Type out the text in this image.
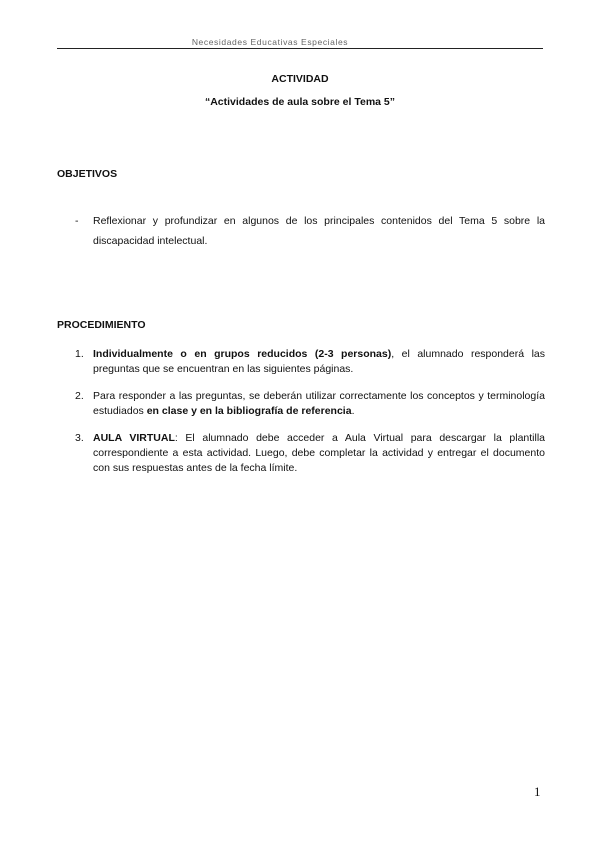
Necesidades Educativas Especiales
ACTIVIDAD
“Actividades de aula sobre el Tema 5”
OBJETIVOS
-	Reflexionar y profundizar en algunos de los principales contenidos del Tema 5 sobre la discapacidad intelectual.
PROCEDIMIENTO
1. Individualmente o en grupos reducidos (2-3 personas), el alumnado responderá las preguntas que se encuentran en las siguientes páginas.
2. Para responder a las preguntas, se deberán utilizar correctamente los conceptos y terminología estudiados en clase y en la bibliografía de referencia.
3. AULA VIRTUAL: El alumnado debe acceder a Aula Virtual para descargar la plantilla correspondiente a esta actividad. Luego, debe completar la actividad y entregar el documento con sus respuestas antes de la fecha límite.
1
